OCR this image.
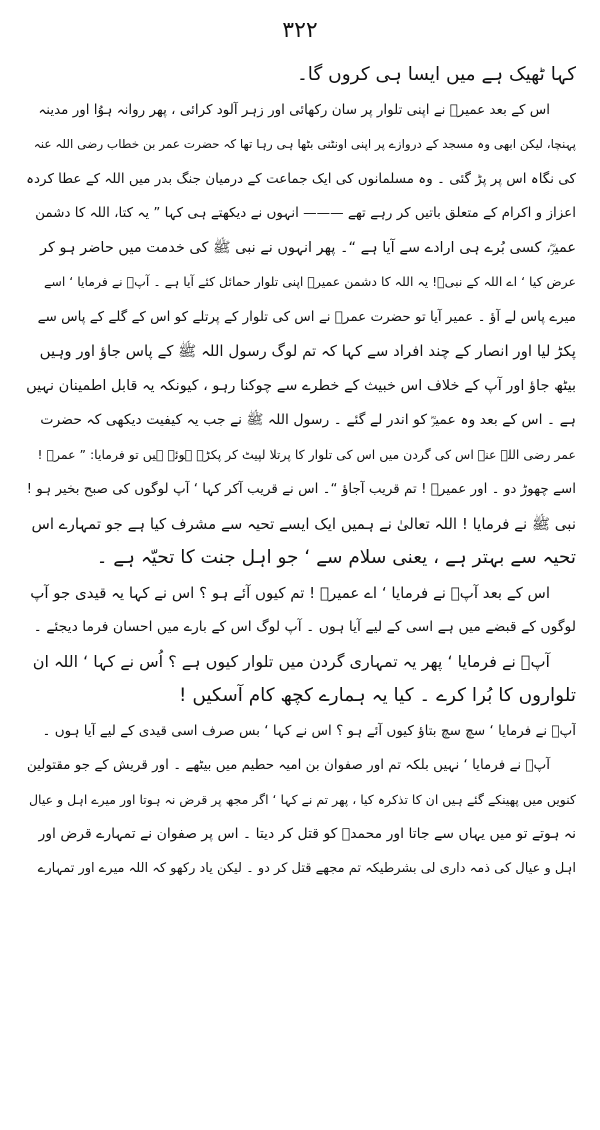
۳۲۲
کہا ٹھیک ہے میں ایسا ہی کروں گا۔
اس کے بعد عمیرؓ نے اپنی تلوار پر سان رکھائی اور زہر آلود کرائی ، پھر روانہ ہوُا اور مدینہ
پہنچا، لیکن ابھی وہ مسجد کے دروازے پر اپنی اونٹنی بٹھا ہی رہا تھا کہ حضرت عمر بن خطاب رضی اللہ عنہ
کی نگاہ اس پر پڑ گئی ۔ وہ مسلمانوں کی ایک جماعت کے درمیان جنگ بدر میں اللہ کے عطا کردہ
اعزاز و اکرام کے متعلق باتیں کر رہے تھے ——— انہوں نے دیکھتے ہی کہا ” یہ کتا، اللہ کا دشمن
عمیرؓ، کسی بُرے ہی ارادے سے آیا ہے “۔ پھر انہوں نے نبی ﷺ کی خدمت میں حاضر ہو کر
عرض کیا ‘ اے اللہ کے نبیؐ! یہ اللہ کا دشمن عمیرؓ اپنی تلوار حمائل کئے آیا ہے ۔ آپؐ نے فرمایا ‘ اسے
میرے پاس لے آؤ ۔ عمیر آیا تو حضرت عمرؓ نے اس کی تلوار کے پرتلے کو اس کے گلے کے پاس سے
پکڑ لیا اور انصار کے چند افراد سے کہا کہ تم لوگ رسول اللہ ﷺ کے پاس جاؤ اور وہیں
بیٹھ جاؤ اور آپ کے خلاف اس خبیث کے خطرے سے چوکنا رہو ، کیونکہ یہ قابل اطمینان نہیں
ہے ۔ اس کے بعد وہ عمیرؓ کو اندر لے گئے ۔ رسول اللہ ﷺ نے جب یہ کیفیت دیکھی کہ حضرت
عمر رضی اللہ عنہ اس کی گردن میں اس کی تلوار کا پرتلا لپیٹ کر پکڑے ہوئے ہیں تو فرمایا: ” عمرؓ !
اسے چھوڑ دو ۔ اور عمیرؓ ! تم قریب آجاؤ “۔ اس نے قریب آکر کہا ‘ آپ لوگوں کی صبح بخیر ہو !
نبی ﷺ نے فرمایا ! اللہ تعالیٰ نے ہمیں ایک ایسے تحیہ سے مشرف کیا ہے جو تمہارے اس
تحیہ سے بہتر ہے ، یعنی سلام سے ‘ جو اہل جنت کا تحیّہ ہے ۔
اس کے بعد آپؐ نے فرمایا ‘ اے عمیرؓ ! تم کیوں آئے ہو ؟ اس نے کہا یہ قیدی جو آپ
لوگوں کے قبضے میں ہے اسی کے لیے آیا ہوں ۔ آپ لوگ اس کے بارے میں احسان فرما دیجئے ۔
آپؐ نے فرمایا ‘ پھر یہ تمہاری گردن میں تلوار کیوں ہے ؟ اُس نے کہا ‘ اللہ ان
تلواروں کا بُرا کرے ۔ کیا یہ ہمارے کچھ کام آسکیں !
آپؐ نے فرمایا ‘ سچ سچ بتاؤ کیوں آئے ہو ؟ اس نے کہا ‘ بس صرف اسی قیدی کے لیے آیا ہوں ۔
آپؐ نے فرمایا ‘ نہیں بلکہ تم اور صفوان بن امیہ حطیم میں بیٹھے ۔ اور قریش کے جو مقتولین
کنویں میں پھینکے گئے ہیں ان کا تذکرہ کیا ، پھر تم نے کہا ‘ اگر مجھ پر قرض نہ ہوتا اور میرے اہل و عیال
نہ ہوتے تو میں یہاں سے جاتا اور محمدؐ کو قتل کر دیتا ۔ اس پر صفوان نے تمہارے قرض اور
اہل و عیال کی ذمہ داری لی بشرطیکہ تم مجھے قتل کر دو ۔ لیکن یاد رکھو کہ اللہ میرے اور تمہارے
